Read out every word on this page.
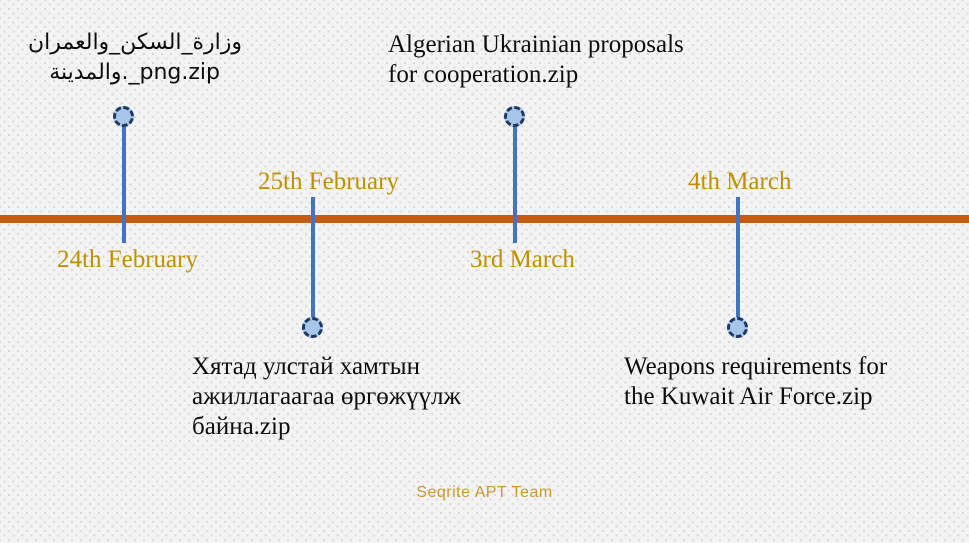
وزارة_السكن_والعمران
والمدينة._png.zip
24th February
25th February
Хятад улстай хамтын
ажиллагаагаа өргөжүүлж
байна.zip
Algerian Ukrainian proposals
for cooperation.zip
3rd March
4th March
Weapons requirements for
the Kuwait Air Force.zip
Seqrite APT Team
